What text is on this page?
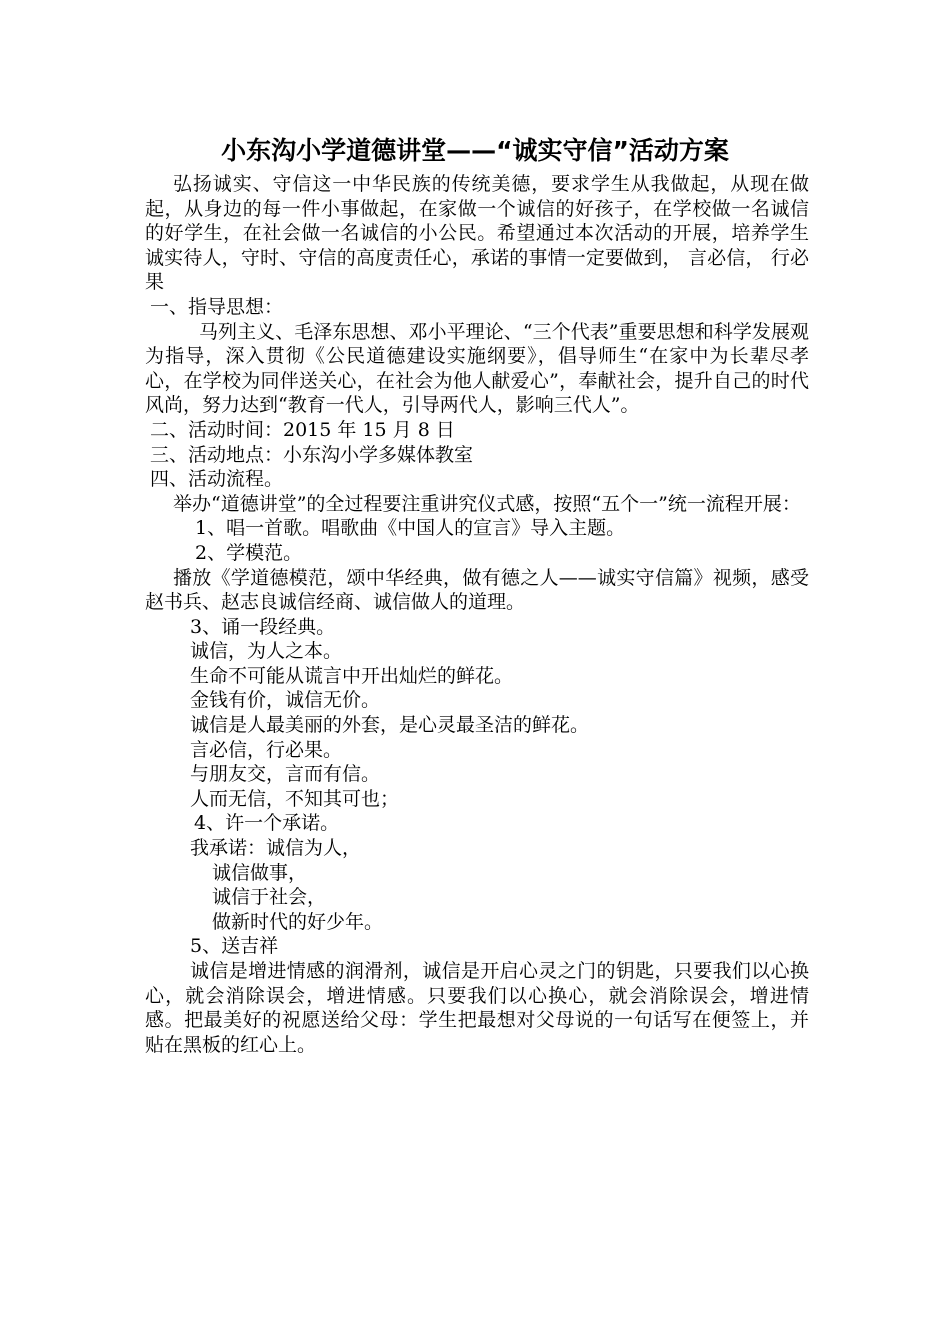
小东沟小学道德讲堂——“诚实守信”活动方案

弘扬诚实、守信这一中华民族的传统美德，要求学生从我做起，从现在做起，从身边的每一件小事做起，在家做一个诚信的好孩子，在学校做一名诚信的好学生，在社会做一名诚信的小公民。希望通过本次活动的开展，培养学生诚实待人，守时、守信的高度责任心，承诺的事情一定要做到， 言必信， 行必果

一、指导思想：

马列主义、毛泽东思想、邓小平理论、“三个代表”重要思想和科学发展观为指导，深入贯彻《公民道德建设实施纲要》，倡导师生“在家中为长辈尽孝心，在学校为同伴送关心，在社会为他人献爱心”，奉献社会，提升自己的时代风尚，努力达到“教育一代人，引导两代人，影响三代人”。

二、活动时间：2015 年 15 月 8 日

三、活动地点：小东沟小学多媒体教室

四、活动流程。

举办“道德讲堂”的全过程要注重讲究仪式感，按照“五个一”统一流程开展：

1、唱一首歌。唱歌曲《中国人的宣言》导入主题。

2、学模范。

播放《学道德模范，颂中华经典，做有德之人——诚实守信篇》视频，感受赵书兵、赵志良诚信经商、诚信做人的道理。

3、诵一段经典。

诚信，为人之本。

生命不可能从谎言中开出灿烂的鲜花。

金钱有价，诚信无价。

诚信是人最美丽的外套，是心灵最圣洁的鲜花。

言必信，行必果。

与朋友交，言而有信。

人而无信，不知其可也；

4、许一个承诺。

我承诺：诚信为人，

诚信做事，

诚信于社会，

做新时代的好少年。

5、送吉祥

诚信是增进情感的润滑剂，诚信是开启心灵之门的钥匙，只要我们以心换心，就会消除误会，增进情感。只要我们以心换心，就会消除误会，增进情感。把最美好的祝愿送给父母：学生把最想对父母说的一句话写在便签上，并贴在黑板的红心上。
